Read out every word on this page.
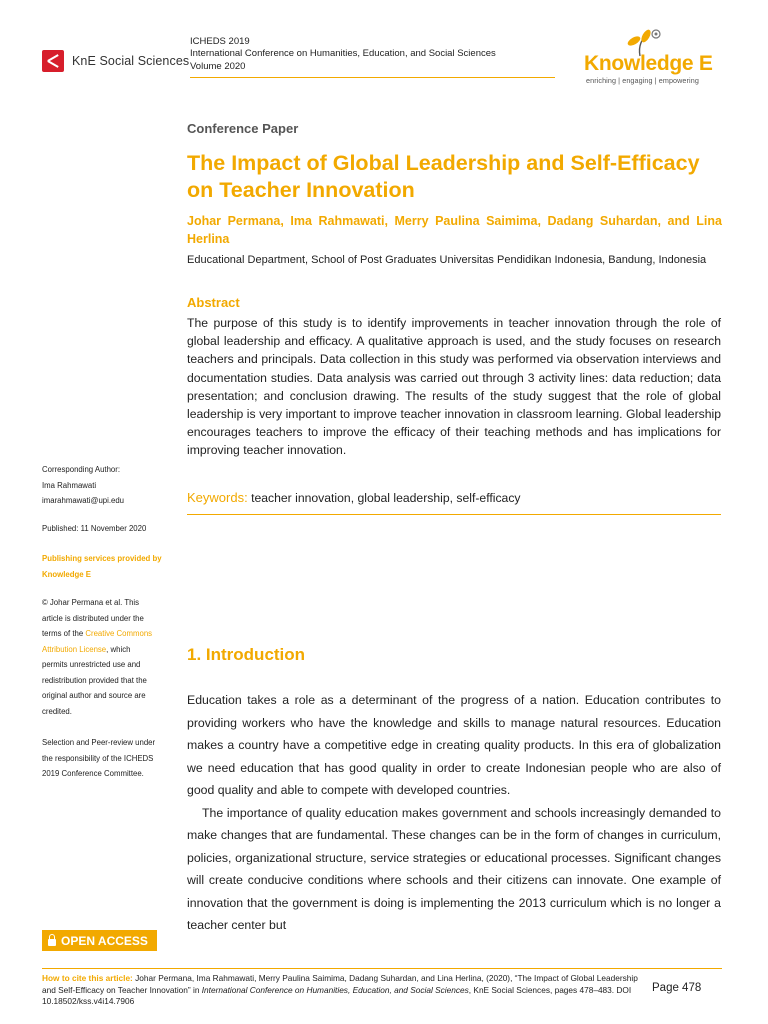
KnE Social Sciences
ICHEDS 2019
International Conference on Humanities, Education, and Social Sciences
Volume 2020	Knowledge E
enriching | engaging | empowering
Corresponding Author:
Ima Rahmawati
imarahmawati@upi.edu
Published: 11 November 2020
Publishing services provided by
Knowledge E
© Johar Permana et al. This
article is distributed under the
terms of the Creative Commons
Attribution License, which
permits unrestricted use and
redistribution provided that the
original author and source are
credited.
Selection and Peer-review under
the responsibility of the ICHEDS
2019 Conference Committee.
OPEN ACCESS
Conference Paper
The Impact of Global Leadership and Self-Efficacy on Teacher Innovation
Johar Permana, Ima Rahmawati, Merry Paulina Saimima, Dadang Suhardan, and Lina Herlina
Educational Department, School of Post Graduates Universitas Pendidikan Indonesia, Bandung, Indonesia
Abstract

The purpose of this study is to identify improvements in teacher innovation through the role of global leadership and efficacy. A qualitative approach is used, and the study focuses on research teachers and principals. Data collection in this study was performed via observation interviews and documentation studies. Data analysis was carried out through 3 activity lines: data reduction; data presentation; and conclusion drawing. The results of the study suggest that the role of global leadership is very important to improve teacher innovation in classroom learning. Global leadership encourages teachers to improve the efficacy of their teaching methods and has implications for improving teacher innovation.

Keywords: teacher innovation, global leadership, self-efficacy
1. Introduction

Education takes a role as a determinant of the progress of a nation. Education contributes to providing workers who have the knowledge and skills to manage natural resources. Education makes a country have a competitive edge in creating quality products. In this era of globalization we need education that has good quality in order to create Indonesian people who are also of good quality and able to compete with developed countries.

The importance of quality education makes government and schools increasingly demanded to make changes that are fundamental. These changes can be in the form of changes in curriculum, policies, organizational structure, service strategies or educational processes. Significant changes will create conducive conditions where schools and their citizens can innovate. One example of innovation that the government is doing is implementing the 2013 curriculum which is no longer a teacher center but

How to cite this article: Johar Permana, Ima Rahmawati, Merry Paulina Saimima, Dadang Suhardan, and Lina Herlina, (2020), “The Impact of Global Leadership and Self-Efficacy on Teacher Innovation” in International Conference on Humanities, Education, and Social Sciences, KnE Social Sciences, pages 478–483. DOI 10.18502/kss.v4i14.7906
Page 478
